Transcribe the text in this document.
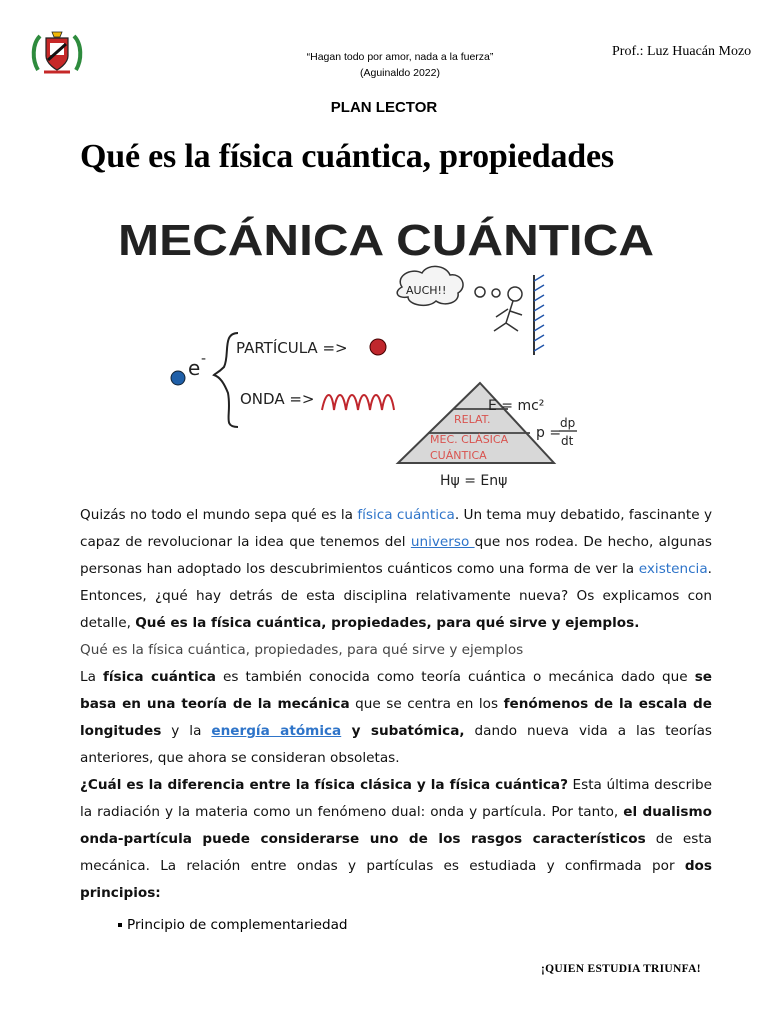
“Hagan todo por amor, nada a la fuerza”
(Aguinaldo 2022)
Prof.: Luz Huacán Mozo
PLAN LECTOR
Qué es la física cuántica, propiedades
MECÁNICA CUÁNTICA
AUCH!!
e -
PARTÍCULA =>
ONDA =>
RELAT.
MEC. CLÁSICA
CUÁNTICA
E = mc²
p =
dp
dt
Hψ = Enψ

Quizás no todo el mundo sepa qué es la física cuántica. Un tema muy debatido, fascinante y capaz de revolucionar la idea que tenemos del universo que nos rodea. De hecho, algunas personas han adoptado los descubrimientos cuánticos como una forma de ver la existencia. Entonces, ¿qué hay detrás de esta disciplina relativamente nueva? Os explicamos con detalle, Qué es la física cuántica, propiedades, para qué sirve y ejemplos.

Qué es la física cuántica, propiedades, para qué sirve y ejemplos

La física cuántica es también conocida como teoría cuántica o mecánica dado que se basa en una teoría de la mecánica que se centra en los fenómenos de la escala de longitudes y la energía atómica y subatómica, dando nueva vida a las teorías anteriores, que ahora se consideran obsoletas.

¿Cuál es la diferencia entre la física clásica y la física cuántica? Esta última describe la radiación y la materia como un fenómeno dual: onda y partícula. Por tanto, el dualismo onda-partícula puede considerarse uno de los rasgos característicos de esta mecánica. La relación entre ondas y partículas es estudiada y confirmada por dos principios:

Principio de complementariedad
¡QUIEN ESTUDIA TRIUNFA!
